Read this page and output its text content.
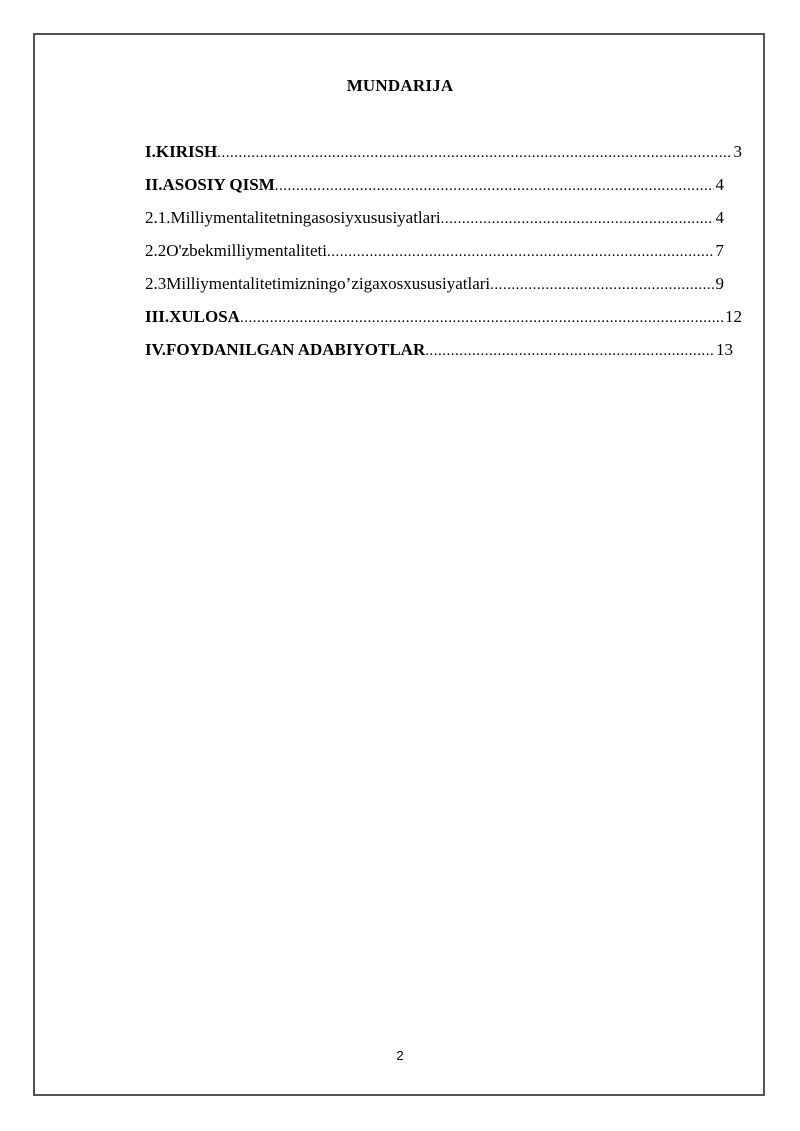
MUNDARIJA
I.KIRISH .....	3
II.ASOSIY QISM .....	4
2.1.Milliymentalitetningasosiyxususiyatlari .....	4
2.2O'zbekmilliymentaliteti .....	7
2.3Milliymentalitetimizningo’zigaxosxususiyatlari .....	9
III.XULOSA .....	12
IV.FOYDANILGAN ADABIYOTLAR .....	13
2
